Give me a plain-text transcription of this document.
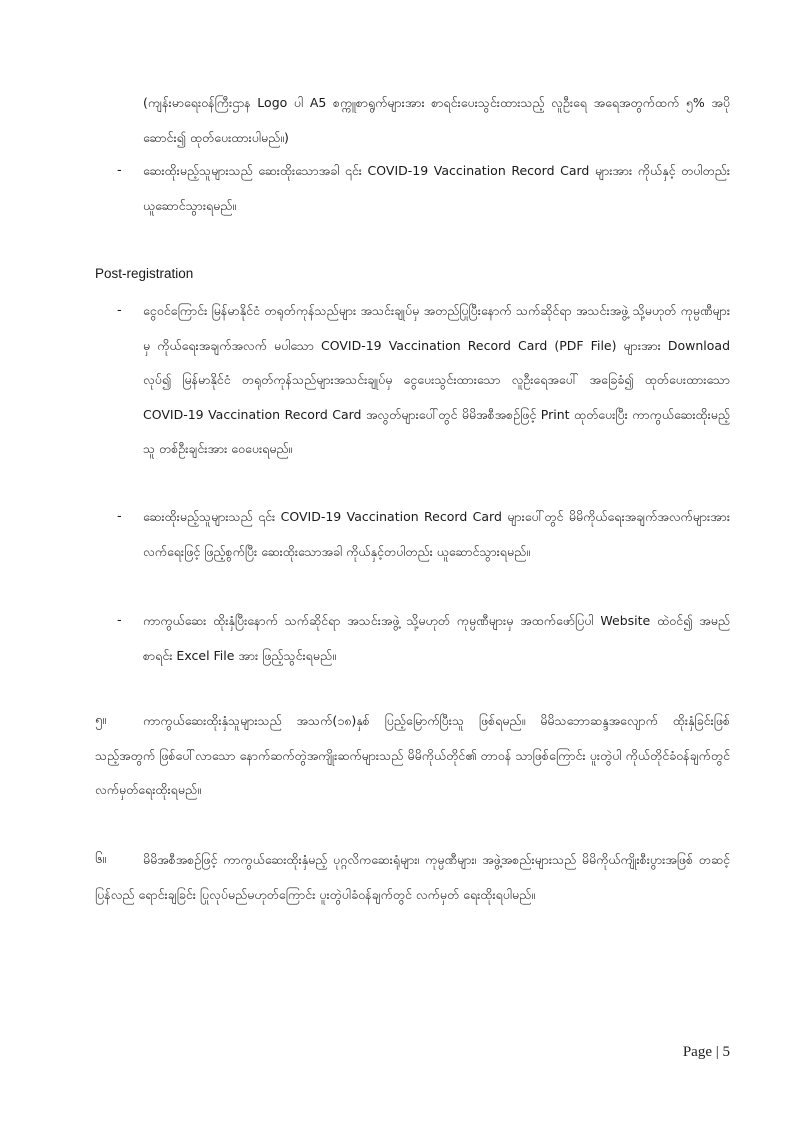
(ကျန်းမာရေးဝန်ကြီးဌာန Logo ပါ A5 စက္ကူစာရွက်များအား စာရင်းပေးသွင်းထားသည့် လူဦးရေ အရေအတွက်ထက် ၅% အပိုဆောင်း၍ ထုတ်ပေးထားပါမည်။)
- ဆေးထိုးမည့်သူများသည် ဆေးထိုးသောအခါ ၎င်း COVID-19 Vaccination Record Card များအား ကိုယ်နှင့် တပါတည်း ယူဆောင်သွားရမည်။
Post-registration
- ငွေဝင်ကြောင်း မြန်မာနိုင်ငံ တရုတ်ကုန်သည်များ အသင်းချုပ်မှ အတည်ပြုပြီးနောက် သက်ဆိုင်ရာ အသင်းအဖွဲ့ သို့မဟုတ် ကုမ္ပဏီများမှ ကိုယ်ရေးအချက်အလက် မပါသော COVID-19 Vaccination Record Card (PDF File) များအား Download လုပ်၍ မြန်မာနိုင်ငံ တရုတ်ကုန်သည်များအသင်းချုပ်မှ ငွေပေးသွင်းထားသော လူဦးရေအပေါ် အခြေခံ၍ ထုတ်ပေးထားသော COVID-19 Vaccination Record Card အလွတ်များပေါ်တွင် မိမိအစီအစဉ်ဖြင့် Print ထုတ်ပေးပြီး ကာကွယ်ဆေးထိုးမည့်သူ တစ်ဦးချင်းအား ဝေပေးရမည်။
- ဆေးထိုးမည့်သူများသည် ၎င်း COVID-19 Vaccination Record Card များပေါ်တွင် မိမိကိုယ်ရေးအချက်အလက်များအား လက်ရေးဖြင့် ဖြည့်စွက်ပြီး ဆေးထိုးသောအခါ ကိုယ်နှင့်တပါတည်း ယူဆောင်သွားရမည်။
- ကာကွယ်ဆေး ထိုးနှံပြီးနောက် သက်ဆိုင်ရာ အသင်းအဖွဲ့ သို့မဟုတ် ကုမ္ပဏီများမှ အထက်ဖော်ပြပါ Website ထဲဝင်၍ အမည်စာရင်း Excel File အား ဖြည့်သွင်းရမည်။
၅။	ကာကွယ်ဆေးထိုးနှံသူများသည် အသက်(၁၈)နှစ် ပြည့်မြောက်ပြီးသူ ဖြစ်ရမည်။ မိမိသဘောဆန္ဒအလျောက် ထိုးနှံခြင်းဖြစ်သည့်အတွက် ဖြစ်ပေါ်လာသော နောက်ဆက်တွဲအကျိုးဆက်များသည် မိမိကိုယ်တိုင်၏ တာဝန် သာဖြစ်ကြောင်း ပူးတွဲပါ ကိုယ်တိုင်ခံဝန်ချက်တွင် လက်မှတ်ရေးထိုးရမည်။
၆။	မိမိအစီအစဉ်ဖြင့် ကာကွယ်ဆေးထိုးနှံမည့် ပုဂ္ဂလိကဆေးရုံများ၊ ကုမ္ပဏီများ၊ အဖွဲ့အစည်းများသည် မိမိကိုယ်ကျိုးစီးပွားအဖြစ် တဆင့်ပြန်လည် ရောင်းချခြင်း ပြုလုပ်မည်မဟုတ်ကြောင်း ပူးတွဲပါခံဝန်ချက်တွင် လက်မှတ် ရေးထိုးရပါမည်။
Page | 5
